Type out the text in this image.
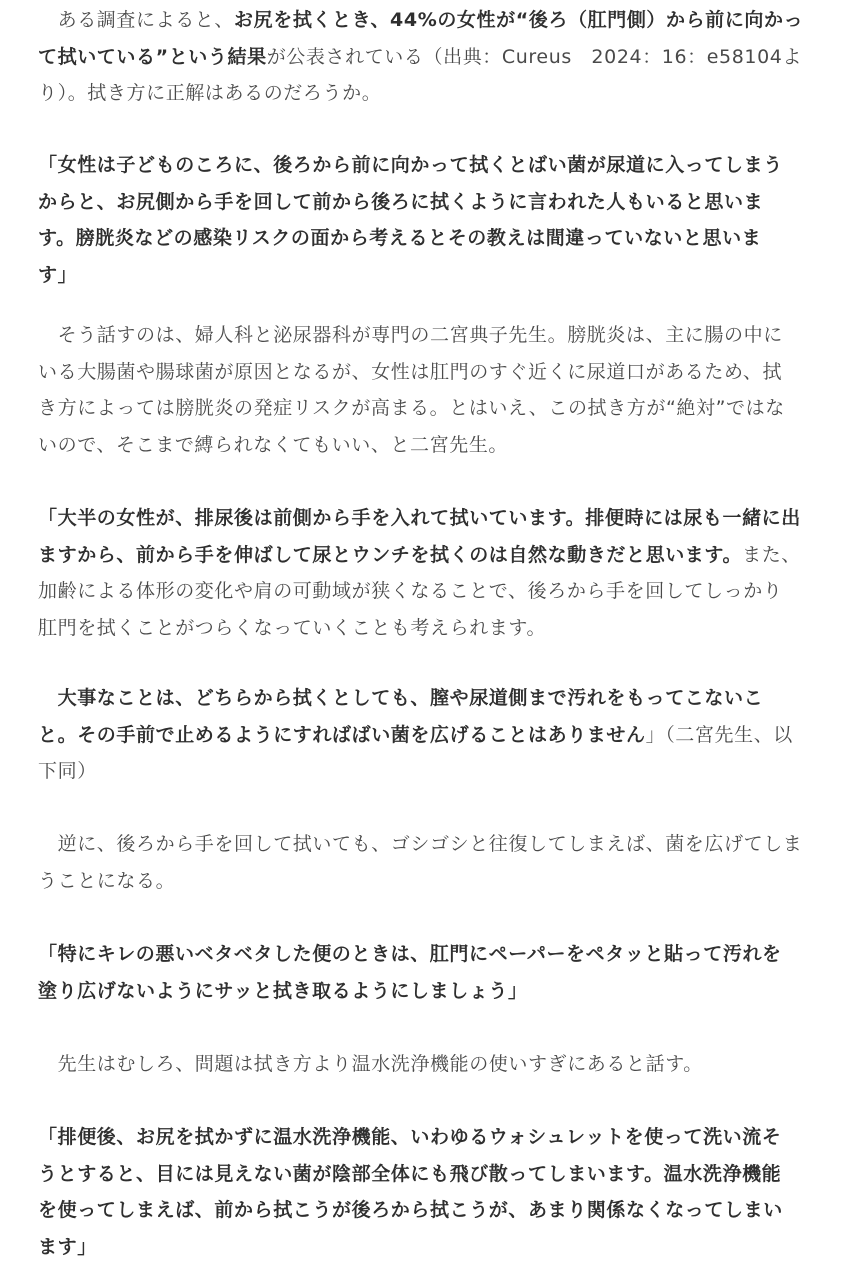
　ある調査によると、お尻を拭くとき、44%の女性が“後ろ（肛門側）から前に向かっ
て拭いている”という結果が公表されている（出典：Cureus　2024：16：e58104よ
り）。拭き方に正解はあるのだろうか。

「女性は子どものころに、後ろから前に向かって拭くとばい菌が尿道に入ってしまう
からと、お尻側から手を回して前から後ろに拭くように言われた人もいると思いま
す。膀胱炎などの感染リスクの面から考えるとその教えは間違っていないと思いま
す」

　そう話すのは、婦人科と泌尿器科が専門の二宮典子先生。膀胱炎は、主に腸の中に
いる大腸菌や腸球菌が原因となるが、女性は肛門のすぐ近くに尿道口があるため、拭
き方によっては膀胱炎の発症リスクが高まる。とはいえ、この拭き方が“絶対”ではな
いので、そこまで縛られなくてもいい、と二宮先生。

「大半の女性が、排尿後は前側から手を入れて拭いています。排便時には尿も一緒に出
ますから、前から手を伸ばして尿とウンチを拭くのは自然な動きだと思います。また、
加齢による体形の変化や肩の可動域が狭くなることで、後ろから手を回してしっかり
肛門を拭くことがつらくなっていくことも考えられます。

　大事なことは、どちらから拭くとしても、膣や尿道側まで汚れをもってこないこ
と。その手前で止めるようにすればばい菌を広げることはありません」（二宮先生、以
下同）

　逆に、後ろから手を回して拭いても、ゴシゴシと往復してしまえば、菌を広げてしま
うことになる。

「特にキレの悪いベタベタした便のときは、肛門にペーパーをペタッと貼って汚れを
塗り広げないようにサッと拭き取るようにしましょう」

　先生はむしろ、問題は拭き方より温水洗浄機能の使いすぎにあると話す。

「排便後、お尻を拭かずに温水洗浄機能、いわゆるウォシュレットを使って洗い流そ
うとすると、目には見えない菌が陰部全体にも飛び散ってしまいます。温水洗浄機能
を使ってしまえば、前から拭こうが後ろから拭こうが、あまり関係なくなってしまい
ます」
